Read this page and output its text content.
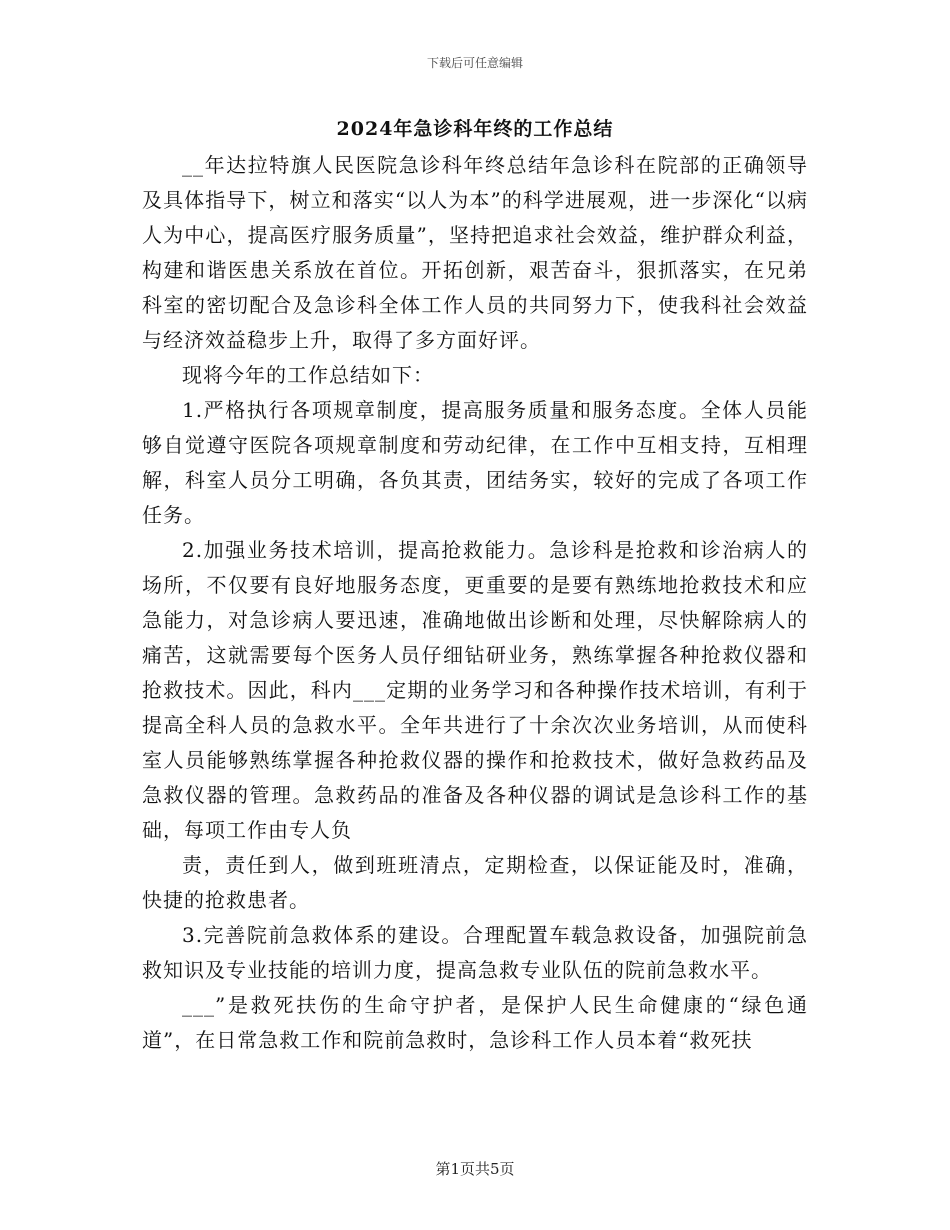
下载后可任意编辑
2024年急诊科年终的工作总结

__年达拉特旗人民医院急诊科年终总结年急诊科在院部的正确领导及具体指导下，树立和落实“以人为本”的科学进展观，进一步深化“以病人为中心，提高医疗服务质量”，坚持把追求社会效益，维护群众利益，构建和谐医患关系放在首位。开拓创新，艰苦奋斗，狠抓落实，在兄弟科室的密切配合及急诊科全体工作人员的共同努力下，使我科社会效益与经济效益稳步上升，取得了多方面好评。

现将今年的工作总结如下：

1.严格执行各项规章制度，提高服务质量和服务态度。全体人员能够自觉遵守医院各项规章制度和劳动纪律，在工作中互相支持，互相理解，科室人员分工明确，各负其责，团结务实，较好的完成了各项工作任务。

2.加强业务技术培训，提高抢救能力。急诊科是抢救和诊治病人的场所，不仅要有良好地服务态度，更重要的是要有熟练地抢救技术和应急能力，对急诊病人要迅速，准确地做出诊断和处理，尽快解除病人的痛苦，这就需要每个医务人员仔细钻研业务，熟练掌握各种抢救仪器和抢救技术。因此，科内___定期的业务学习和各种操作技术培训，有利于提高全科人员的急救水平。全年共进行了十余次次业务培训，从而使科室人员能够熟练掌握各种抢救仪器的操作和抢救技术，做好急救药品及急救仪器的管理。急救药品的准备及各种仪器的调试是急诊科工作的基础，每项工作由专人负

责，责任到人，做到班班清点，定期检查，以保证能及时，准确，快捷的抢救患者。

3.完善院前急救体系的建设。合理配置车载急救设备，加强院前急救知识及专业技能的培训力度，提高急救专业队伍的院前急救水平。

___”是救死扶伤的生命守护者，是保护人民生命健康的“绿色通道”，在日常急救工作和院前急救时，急诊科工作人员本着“救死扶

第1页共5页
